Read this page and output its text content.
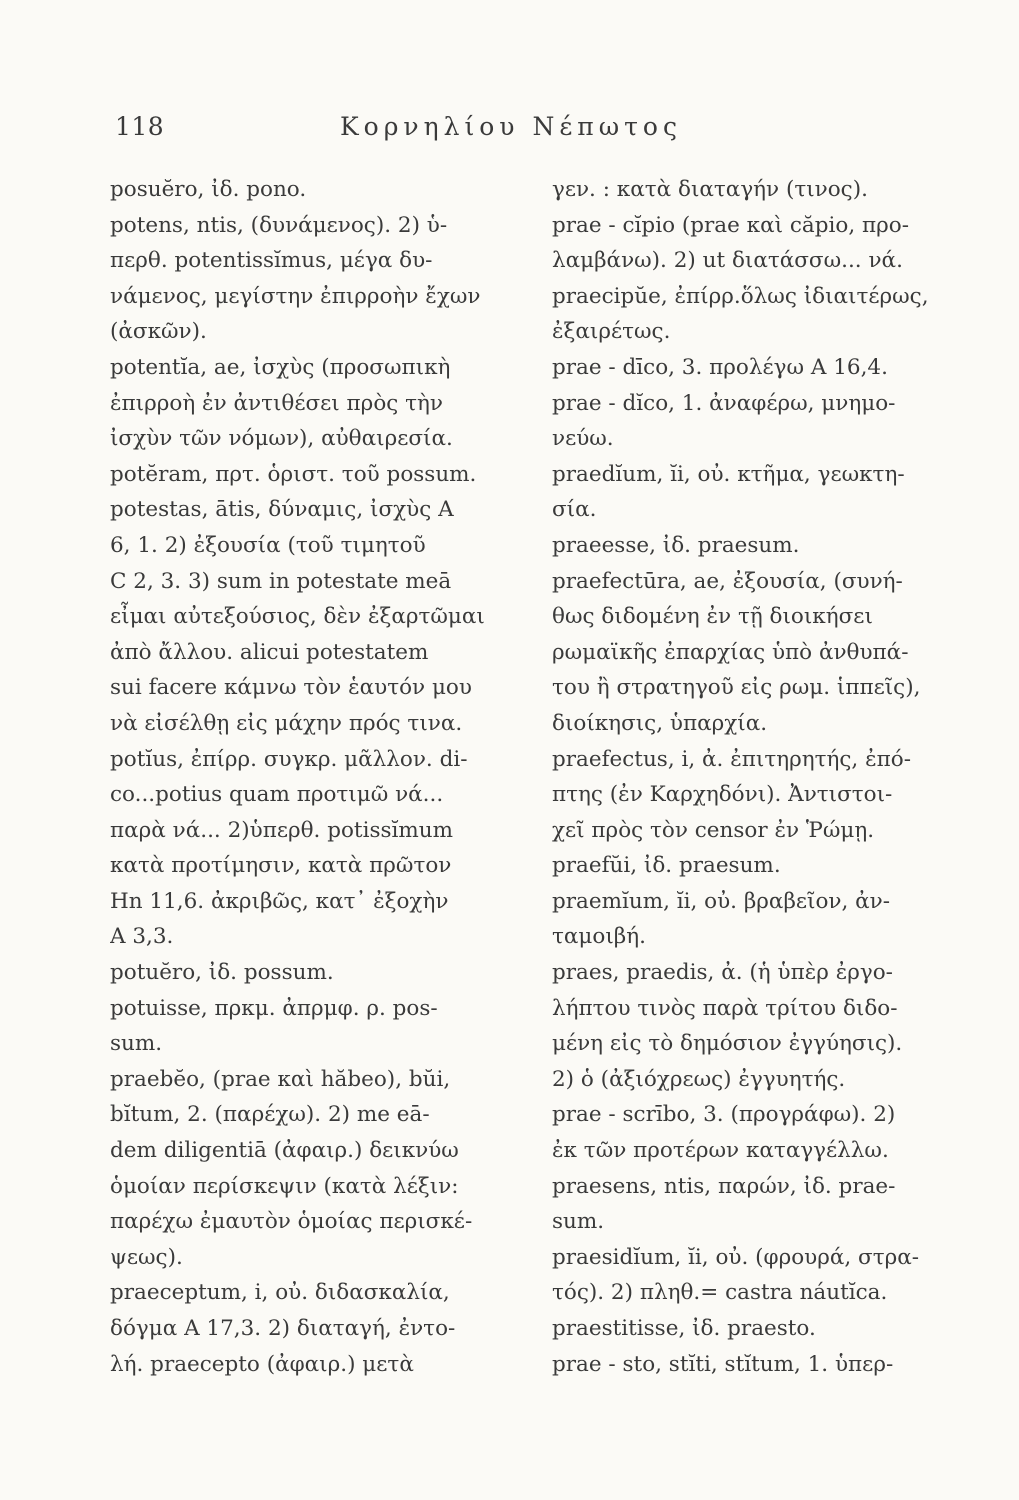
118	Κορνηλίου Νέπωτος
posuĕro, ἰδ. pono.
potens, ntis, (δυνάμενος). 2) ὑ-
περθ. potentissĭmus, μέγα δυ-
νάμενος, μεγίστην ἐπιρροὴν ἔχων
(ἀσκῶν).
potentĭa, ae, ἰσχὺς (προσωπικὴ
ἐπιρροὴ ἐν ἀντιθέσει πρὸς τὴν
ἰσχὺν τῶν νόμων), αὐθαιρεσία.
potĕram, πρτ. ὁριστ. τοῦ possum.
potestas, ātis, δύναμις, ἰσχὺς Α
6, 1. 2) ἐξουσία (τοῦ τιμητοῦ
C 2, 3. 3) sum in potestate meā
εἶμαι αὐτεξούσιος, δὲν ἐξαρτῶμαι
ἀπὸ ἄλλου. alicui potestatem
sui facere κάμνω τὸν ἑαυτόν μου
νὰ εἰσέλθῃ εἰς μάχην πρός τινα.
potĭus, ἐπίρρ. συγκρ. μᾶλλον. di-
co...potius quam προτιμῶ νά...
παρὰ νά... 2)ὑπερθ. potissĭmum
κατὰ προτίμησιν, κατὰ πρῶτον
Hn 11,6. ἀκριβῶς, κατ᾽ ἐξοχὴν
A 3,3.
potuĕro, ἰδ. possum.
potuisse, πρκμ. ἀπρμφ. ρ. pos-
sum.
praebĕo, (prae καὶ hăbeo), bŭi,
bĭtum, 2. (παρέχω). 2) me eā-
dem diligentiā (ἀφαιρ.) δεικνύω
ὁμοίαν περίσκεψιν (κατὰ λέξιν:
παρέχω ἐμαυτὸν ὁμοίας περισκέ-
ψεως).
praeceptum, i, οὐ. διδασκαλία,
δόγμα Α 17,3. 2) διαταγή, ἐντο-
λή. praecepto (ἀφαιρ.) μετὰ
γεν. : κατὰ διαταγήν (τινος).
prae - cĭpio (prae καὶ căpio, προ-
λαμβάνω). 2) ut διατάσσω... νά.
praecipŭe, ἐπίρρ.ὅλως ἰδιαιτέρως,
ἐξαιρέτως.
prae - dīco, 3. προλέγω Α 16,4.
prae - dĭco, 1. ἀναφέρω, μνημο-
νεύω.
praedĭum, ĭi, οὐ. κτῆμα, γεωκτη-
σία.
praeesse, ἰδ. praesum.
praefectūra, ae, ἐξουσία, (συνή-
θως διδομένη ἐν τῇ διοικήσει
ρωμαϊκῆς ἐπαρχίας ὑπὸ ἀνθυπά-
του ἢ στρατηγοῦ εἰς ρωμ. ἱππεῖς),
διοίκησις, ὑπαρχία.
praefectus, i, ἀ. ἐπιτηρητής, ἐπό-
πτης (ἐν Καρχηδόνι). Ἀντιστοι-
χεῖ πρὸς τὸν censor ἐν Ῥώμῃ.
praefŭi, ἰδ. praesum.
praemĭum, ĭi, οὐ. βραβεῖον, ἀν-
ταμοιβή.
praes, praedis, ἀ. (ἡ ὑπὲρ ἐργο-
λήπτου τινὸς παρὰ τρίτου διδο-
μένη εἰς τὸ δημόσιον ἐγγύησις).
2) ὁ (ἀξιόχρεως) ἐγγυητής.
prae - scrībo, 3. (προγράφω). 2)
ἐκ τῶν προτέρων καταγγέλλω.
praesens, ntis, παρών, ἰδ. prae-
sum.
praesidĭum, ĭi, οὐ. (φρουρά, στρα-
τός). 2) πληθ.= castra náutĭca.
praestitisse, ἰδ. praesto.
prae - sto, stĭti, stĭtum, 1. ὑπερ-
